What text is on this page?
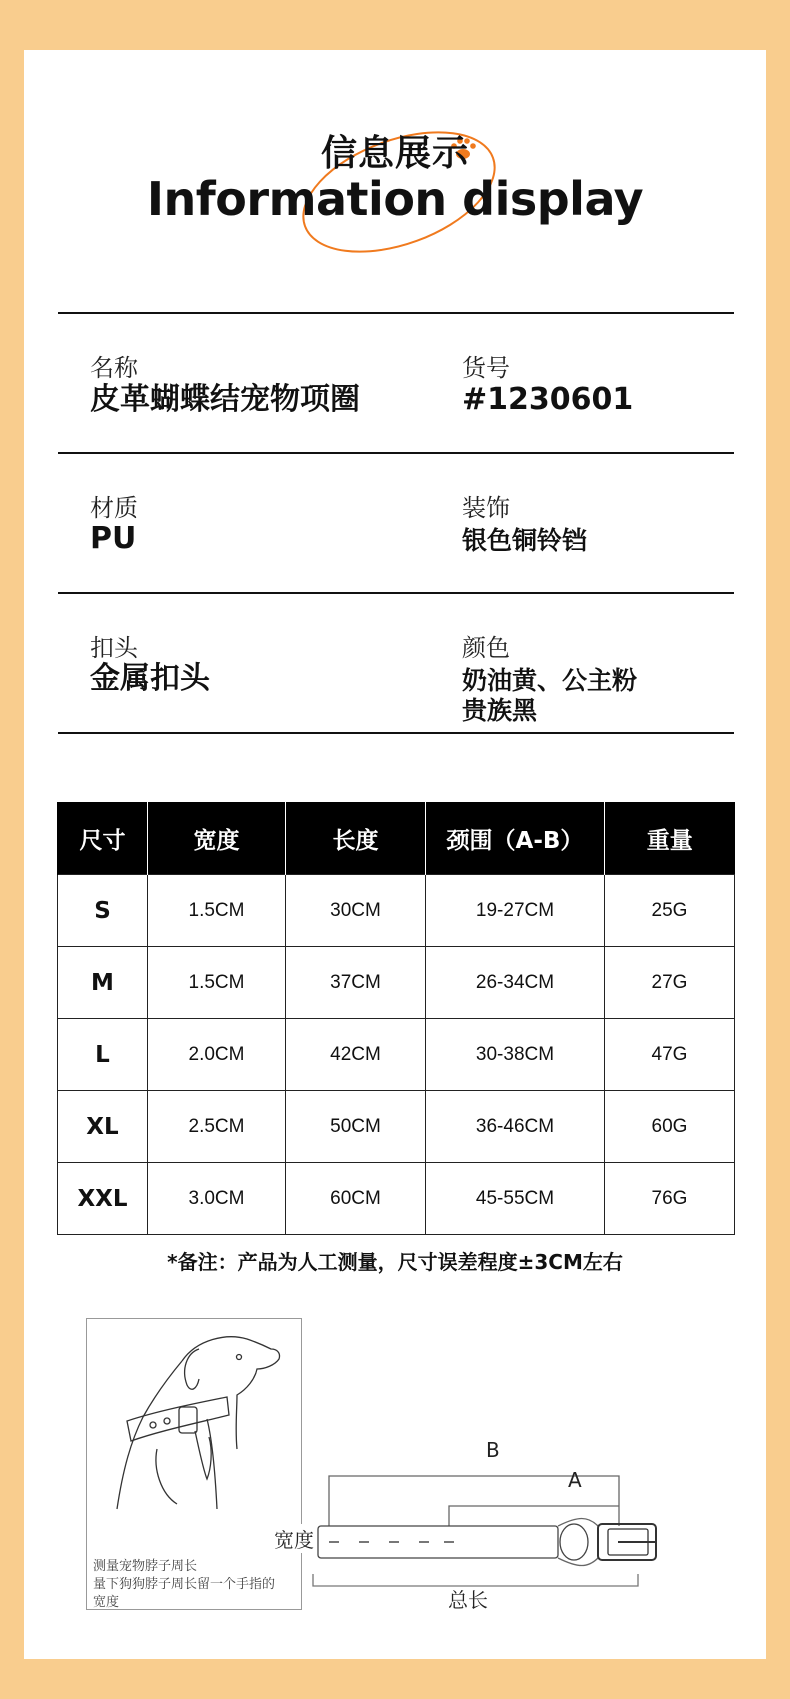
信息展示
Information display
名称
皮革蝴蝶结宠物项圈
货号
#1230601
材质
PU
装饰
银色铜铃铛
扣头
金属扣头
颜色
奶油黄、公主粉
贵族黑
尺寸	宽度	长度	颈围（A-B）	重量
S	1.5CM	30CM	19-27CM	25G
M	1.5CM	37CM	26-34CM	27G
L	2.0CM	42CM	30-38CM	47G
XL	2.5CM	50CM	36-46CM	60G
XXL	3.0CM	60CM	45-55CM	76G
*备注：产品为人工测量，尺寸误差程度±3CM左右
测量宠物脖子周长
量下狗狗脖子周长留一个手指的
宽度
B
A
宽度
总长
